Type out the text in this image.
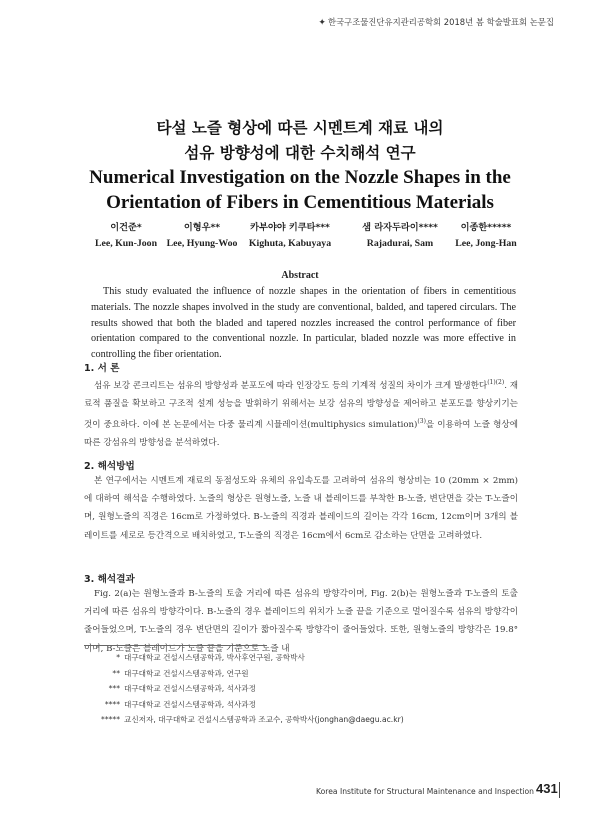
✦ 한국구조물진단유지관리공학회 2018년 봄 학술발표회 논문집
타설 노즐 형상에 따른 시멘트계 재료 내의
섬유 방향성에 대한 수치해석 연구
Numerical Investigation on the Nozzle Shapes in the
Orientation of Fibers in Cementitious Materials
이건준*
Lee, Kun-Joon
이형우**
Lee, Hyung-Woo
카부야야 키쿠타***
Kighuta, Kabuyaya
샘 라자두라이****
Rajadurai, Sam
이종한*****
Lee, Jong-Han
Abstract
This study evaluated the influence of nozzle shapes in the orientation of fibers in cementitious materials. The nozzle shapes involved in the study are conventional, balded, and tapered circulars. The results showed that both the bladed and tapered nozzles increased the control performance of fiber orientation compared to the conventional nozzle. In particular, bladed nozzle was more effective in controlling the fiber orientation.
1. 서 론
섬유 보강 콘크리트는 섬유의 방향성과 분포도에 따라 인장강도 등의 기계적 성질의 차이가 크게 발생한다$^{(1)(2)}$. 재료적 품질을 확보하고 구조적 설계 성능을 발휘하기 위해서는 보강 섬유의 방향성을 제어하고 분포도를 향상키기는 것이 중요하다. 이에 본 논문에서는 다중 물리계 시뮬레이션(multiphysics simulation)$^{(3)}$을 이용하여 노즐 형상에 따른 강섬유의 방향성을 분석하였다.
2. 해석방법
본 연구에서는 시멘트계 재료의 동점성도와 유체의 유입속도를 고려하여 섬유의 형상비는 10 (20mm × 2mm)에 대하여 해석을 수행하였다. 노즐의 형상은 원형노즐, 노즐 내 블레이드를 부착한 B-노즐, 변단면을 갖는 T-노즐이며, 원형노즐의 직경은 16cm로 가정하였다. B-노즐의 직경과 블레이드의 길이는 각각 16cm, 12cm이며 3개의 블레이트를 세로로 등간격으로 배치하였고, T-노즐의 직경은 16cm에서 6cm로 감소하는 단면을 고려하였다.
3. 해석결과
Fig. 2(a)는 원형노즐과 B-노즐의 토출 거리에 따른 섬유의 방향각이며, Fig. 2(b)는 원형노즐과 T-노즐의 토출 거리에 따른 섬유의 방향각이다. B-노즐의 경우 블레이드의 위치가 노즐 끝을 기준으로 멀어질수록 섬유의 방향각이 줄어들었으며, T-노즐의 경우 변단면의 길이가 짧아질수록 방향각이 줄어들었다. 또한, 원형노즐의 방향각은 19.8°이며, B-노즐은 블레이드가 노즐 끝을 기준으로 노즐 내
* 대구대학교 건설시스템공학과, 박사후연구원, 공학박사
** 대구대학교 건설시스템공학과, 연구원
*** 대구대학교 건설시스템공학과, 석사과정
**** 대구대학교 건설시스템공학과, 석사과정
***** 교신저자, 대구대학교 건설시스템공학과 조교수, 공학박사(jonghan@daegu.ac.kr)
Korea Institute for Structural Maintenance and Inspection 431
